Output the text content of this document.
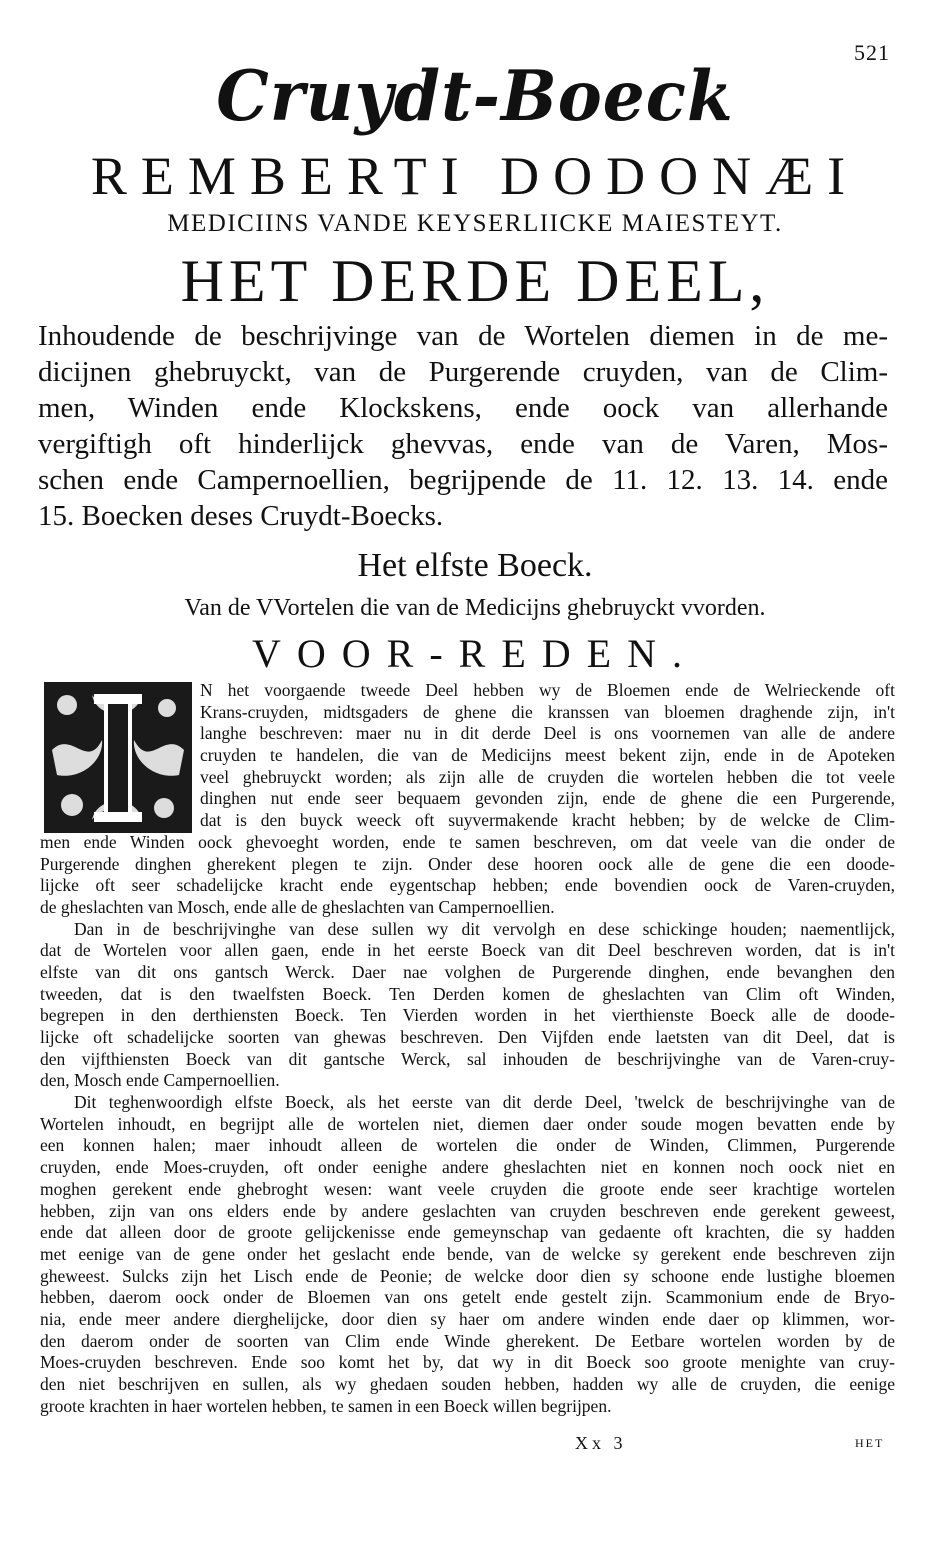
521
Cruydt-Boeck
REMBERTI DODONÆI
MEDICIINS VANDE KEYSERLIICKE MAIESTEYT.
HET DERDE DEEL,
Inhoudende de beschrijvinge van de Wortelen diemen in de me-
dicijnen ghebruyckt, van de Purgerende cruyden, van de Clim-
men, Winden ende Klockskens, ende oock van allerhande
vergiftigh oft hinderlijck ghevvas, ende van de Varen, Mos-
schen ende Campernoellien, begrijpende de 11. 12. 13. 14. ende
15. Boecken deses Cruydt-Boecks.
Het elfste Boeck.
Van de VVortelen die van de Medicijns ghebruyckt vvorden.
VOOR-REDEN.
N het voorgaende tweede Deel hebben wy de Bloemen ende de Welrieckende oft
Krans-cruyden, midtsgaders de ghene die kranssen van bloemen draghende zijn, in't
langhe beschreven: maer nu in dit derde Deel is ons voornemen van alle de andere
cruyden te handelen, die van de Medicijns meest bekent zijn, ende in de Apoteken
veel ghebruyckt worden; als zijn alle de cruyden die wortelen hebben die tot veele
dinghen nut ende seer bequaem gevonden zijn, ende de ghene die een Purgerende,
dat is den buyck weeck oft suyvermakende kracht hebben; by de welcke de Clim-
men ende Winden oock ghevoeght worden, ende te samen beschreven, om dat veele van die onder de
Purgerende dinghen gherekent plegen te zijn. Onder dese hooren oock alle de gene die een doode-
lijcke oft seer schadelijcke kracht ende eygentschap hebben; ende bovendien oock de Varen-cruyden,
de gheslachten van Mosch, ende alle de gheslachten van Campernoellien.
Dan in de beschrijvinghe van dese sullen wy dit vervolgh en dese schickinge houden; naementlijck,
dat de Wortelen voor allen gaen, ende in het eerste Boeck van dit Deel beschreven worden, dat is in't
elfste van dit ons gantsch Werck. Daer nae volghen de Purgerende dinghen, ende bevanghen den
tweeden, dat is den twaelfsten Boeck. Ten Derden komen de gheslachten van Clim oft Winden,
begrepen in den derthiensten Boeck. Ten Vierden worden in het vierthienste Boeck alle de doode-
lijcke oft schadelijcke soorten van ghewas beschreven. Den Vijfden ende laetsten van dit Deel, dat is
den vijfthiensten Boeck van dit gantsche Werck, sal inhouden de beschrijvinghe van de Varen-cruy-
den, Mosch ende Campernoellien.
Dit teghenwoordigh elfste Boeck, als het eerste van dit derde Deel, 'twelck de beschrijvinghe van de
Wortelen inhoudt, en begrijpt alle de wortelen niet, diemen daer onder soude mogen bevatten ende by
een konnen halen; maer inhoudt alleen de wortelen die onder de Winden, Climmen, Purgerende
cruyden, ende Moes-cruyden, oft onder eenighe andere gheslachten niet en konnen noch oock niet en
moghen gerekent ende ghebroght wesen: want veele cruyden die groote ende seer krachtige wortelen
hebben, zijn van ons elders ende by andere geslachten van cruyden beschreven ende gerekent geweest,
ende dat alleen door de groote gelijckenisse ende gemeynschap van gedaente oft krachten, die sy hadden
met eenige van de gene onder het geslacht ende bende, van de welcke sy gerekent ende beschreven zijn
gheweest. Sulcks zijn het Lisch ende de Peonie; de welcke door dien sy schoone ende lustighe bloemen
hebben, daerom oock onder de Bloemen van ons getelt ende gestelt zijn. Scammonium ende de Bryo-
nia, ende meer andere dierghelijcke, door dien sy haer om andere winden ende daer op klimmen, wor-
den daerom onder de soorten van Clim ende Winde gherekent. De Eetbare wortelen worden by de
Moes-cruyden beschreven. Ende soo komt het by, dat wy in dit Boeck soo groote menighte van cruy-
den niet beschrijven en sullen, als wy ghedaen souden hebben, hadden wy alle de cruyden, die eenige
groote krachten in haer wortelen hebben, te samen in een Boeck willen begrijpen.
Xx 3	HET
